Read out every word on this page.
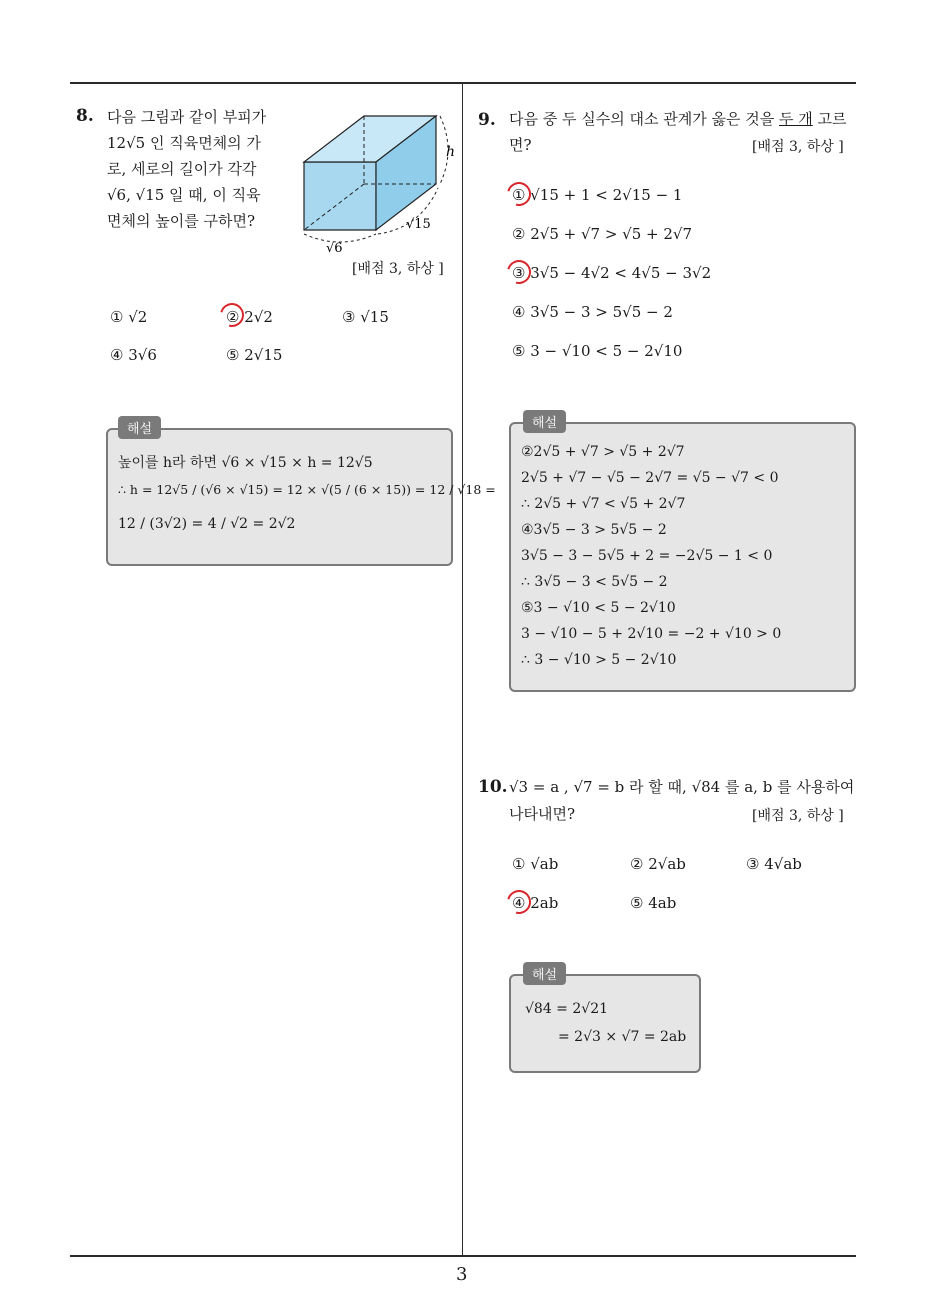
8. 다음 그림과 같이 부피가
12√5 인 직육면체의 가
로, 세로의 길이가 각각
√6, √15 일 때, 이 직육
면체의 높이를 구하면?
h
√15
√6
[배점 3, 하상 ]
① √2	② 2√2	③ √15
④ 3√6	⑤ 2√15
해설
높이를 h라 하면 √6 × √15 × h = 12√5
∴ h = 12√5 / (√6 × √15) = 12 × √(5 / (6 × 15)) = 12 / √18 =
12 / (3√2) = 4 / √2 = 2√2
9. 다음 중 두 실수의 대소 관계가 옳은 것을 두 개 고르
면?	[배점 3, 하상 ]
① √15 + 1 < 2√15 − 1
② 2√5 + √7 > √5 + 2√7
③ 3√5 − 4√2 < 4√5 − 3√2
④ 3√5 − 3 > 5√5 − 2
⑤ 3 − √10 < 5 − 2√10
해설
②2√5 + √7 > √5 + 2√7
2√5 + √7 − √5 − 2√7 = √5 − √7 < 0
∴ 2√5 + √7 < √5 + 2√7
④3√5 − 3 > 5√5 − 2
3√5 − 3 − 5√5 + 2 = −2√5 − 1 < 0
∴ 3√5 − 3 < 5√5 − 2
⑤3 − √10 < 5 − 2√10
3 − √10 − 5 + 2√10 = −2 + √10 > 0
∴ 3 − √10 > 5 − 2√10
10. √3 = a , √7 = b 라 할 때, √84 를 a, b 를 사용하여
나타내면?	[배점 3, 하상 ]
① √ab	② 2√ab	③ 4√ab
④ 2ab	⑤ 4ab
해설
√84 = 2√21
= 2√3 × √7 = 2ab
3
